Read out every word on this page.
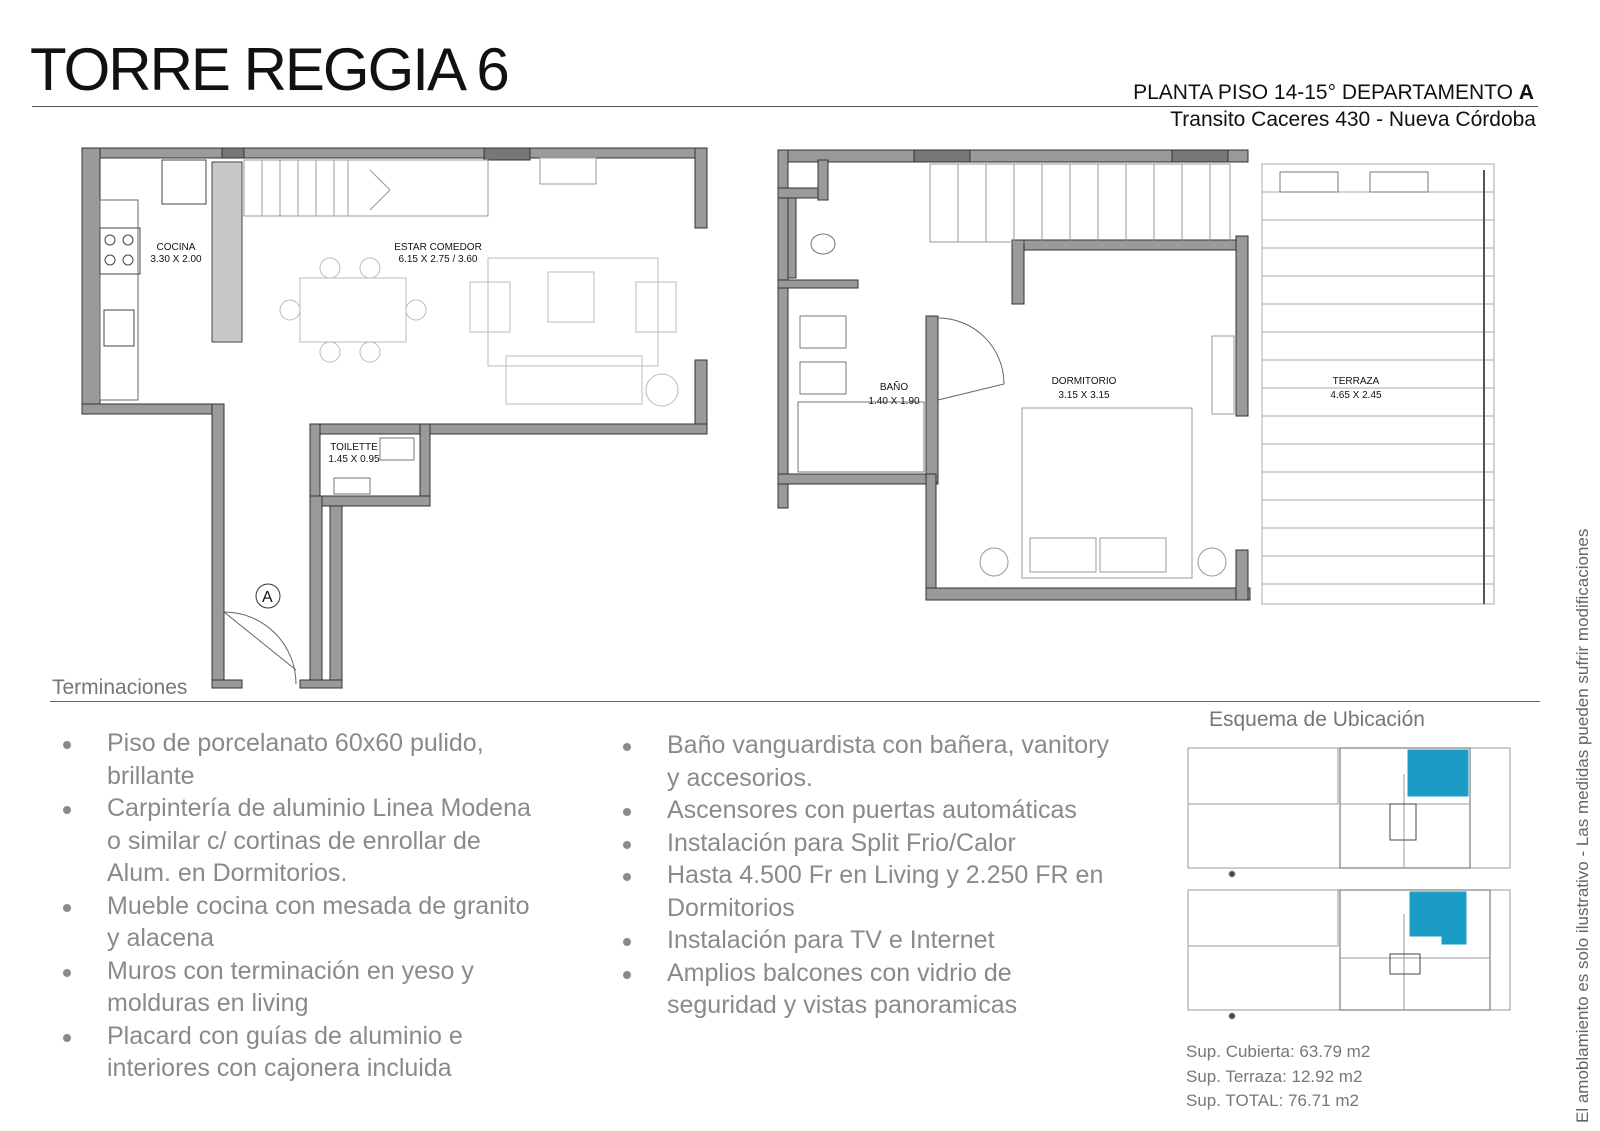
TORRE REGGIA 6	PLANTA PISO 14-15° DEPARTAMENTO A
Transito Caceres 430 - Nueva Córdoba
A
COCINA
3.30 X 2.00
ESTAR COMEDOR
6.15 X 2.75 / 3.60
TOILETTE
1.45 X 0.95
BAÑO
1.40 X 1.90
DORMITORIO
3.15 X 3.15
TERRAZA
4.65 X 2.45
Terminaciones
Piso de porcelanato 60x60 pulido,
brillante
Carpintería de aluminio Linea Modena
o similar c/ cortinas de enrollar de
Alum. en Dormitorios.
Mueble cocina con mesada de granito
y alacena
Muros con terminación en yeso y
molduras en living
Placard con guías de aluminio e
interiores con cajonera incluida
Baño vanguardista con bañera, vanitory
y accesorios.
Ascensores con puertas automáticas
Instalación para Split Frio/Calor
Hasta 4.500 Fr en Living y 2.250 FR en
Dormitorios
Instalación para TV e Internet
Amplios balcones con vidrio de
seguridad y vistas panoramicas
Esquema de Ubicación
Sup. Cubierta: 63.79 m2
Sup. Terraza: 12.92 m2
Sup. TOTAL: 76.71 m2	El amoblamiento es solo ilustrativo - Las medidas pueden sufrir modificaciones
